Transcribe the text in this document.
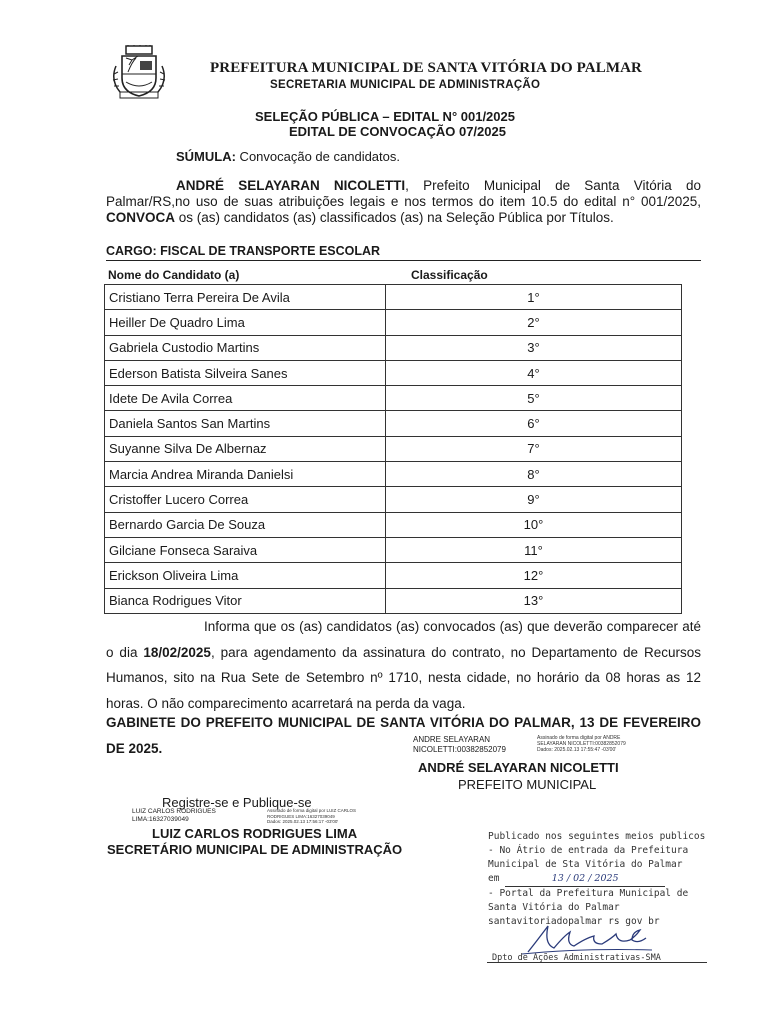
PREFEITURA MUNICIPAL DE SANTA VITÓRIA DO PALMAR
SECRETARIA MUNICIPAL DE ADMINISTRAÇÃO
SELEÇÃO PÚBLICA – EDITAL N° 001/2025
EDITAL DE CONVOCAÇÃO 07/2025
SÚMULA: Convocação de candidatos.
ANDRÉ SELAYARAN NICOLETTI, Prefeito Municipal de Santa Vitória do Palmar/RS,no uso de suas atribuições legais e nos termos do item 10.5 do edital n° 001/2025, CONVOCA os (as) candidatos (as) classificados (as) na Seleção Pública por Títulos.
CARGO: FISCAL DE TRANSPORTE ESCOLAR
Nome do Candidato (a)	Classificação
Cristiano Terra Pereira De Avila	1°
Heiller De Quadro Lima	2°
Gabriela Custodio Martins	3°
Ederson Batista Silveira Sanes	4°
Idete De Avila Correa	5°
Daniela Santos San Martins	6°
Suyanne Silva De Albernaz	7°
Marcia Andrea Miranda Danielsi	8°
Cristoffer Lucero Correa	9°
Bernardo Garcia De Souza	10°
Gilciane Fonseca Saraiva	11°
Erickson Oliveira Lima	12°
Bianca Rodrigues Vitor	13°
Informa que os (as) candidatos (as) convocados (as) que deverão comparecer até o dia 18/02/2025, para agendamento da assinatura do contrato, no Departamento de Recursos Humanos, sito na Rua Sete de Setembro nº 1710, nesta cidade, no horário da 08 horas as 12 horas. O não comparecimento acarretará na perda da vaga.
GABINETE DO PREFEITO MUNICIPAL DE SANTA VITÓRIA DO PALMAR, 13 DE FEVEREIRO DE 2025.
ANDRE SELAYARAN
NICOLETTI:00382852079
Assinado de forma digital por ANDRE
SELAYARAN NICOLETTI:00382852079
Dados: 2025.02.13 17:55:47 -03'00'
ANDRÉ SELAYARAN NICOLETTI
PREFEITO MUNICIPAL
Registre-se e Publique-se
LUIZ CARLOS RODRIGUES
LIMA:16327039049
Assinado de forma digital por LUIZ CARLOS
RODRIGUES LIMA:16327039049
Dados: 2025.02.13 17:56:17 -03'00'
LUIZ CARLOS RODRIGUES LIMA
SECRETÁRIO MUNICIPAL DE ADMINISTRAÇÃO
Publicado nos seguintes meios publicos
- No Átrio de entrada da Prefeitura
Municipal de Sta Vitória do Palmar
em	13 / 02 / 2025
- Portal da Prefeitura Municipal de
Santa Vitória do Palmar
santavitoriadopalmar rs gov br
Dpto de Ações Administrativas-SMA
